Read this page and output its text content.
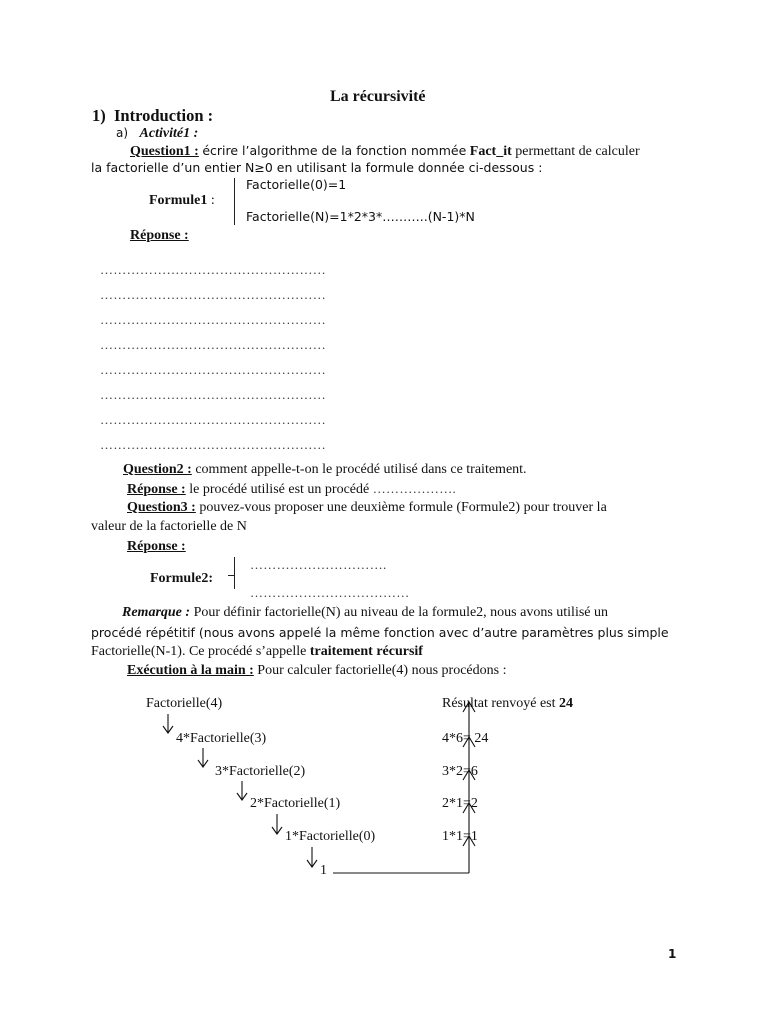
La récursivité
1) Introduction :
a) Activité1 :
Question1 : écrire l’algorithme de la fonction nommée Fact_it permettant de calculer
la factorielle d’un entier N≥0 en utilisant la formule donnée ci-dessous :
Formule1 :
Factorielle(0)=1
Factorielle(N)=1*2*3*………..(N-1)*N
Réponse :
……………………………………………
……………………………………………
……………………………………………
……………………………………………
……………………………………………
……………………………………………
……………………………………………
……………………………………………
Question2 : comment appelle-t-on le procédé utilisé dans ce traitement.
Réponse : le procédé utilisé est un procédé ……………….
Question3 : pouvez-vous proposer une deuxième formule (Formule2) pour trouver la
valeur de la factorielle de N
Réponse :
Formule2:
………………………….
………………………………
Remarque : Pour définir factorielle(N) au niveau de la formule2, nous avons utilisé un
procédé répétitif (nous avons appelé la même fonction avec d’autre paramètres plus simple
Factorielle(N-1). Ce procédé s’appelle traitement récursif
Exécution à la main : Pour calculer factorielle(4) nous procédons :
Factorielle(4)
4*Factorielle(3)
3*Factorielle(2)
2*Factorielle(1)
1*Factorielle(0)
1
Résultat renvoyé est 24
4*6= 24
3*2=6
2*1=2
1*1=1
1
